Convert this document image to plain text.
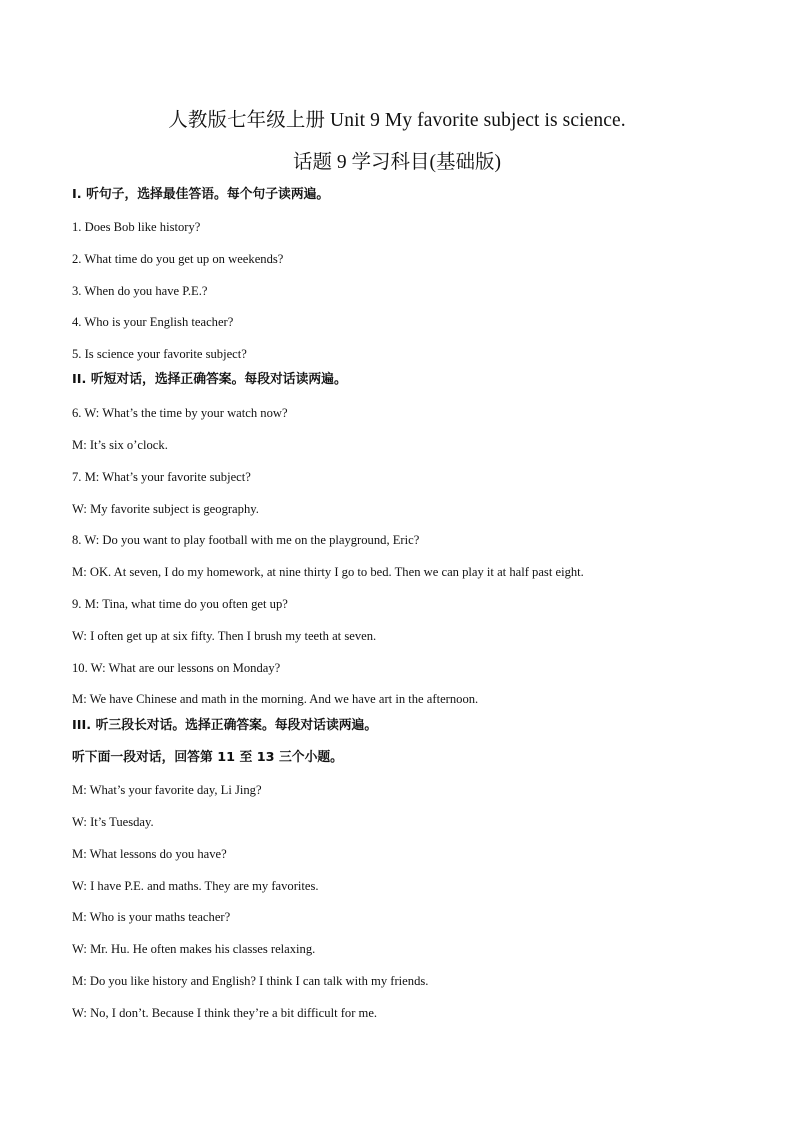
人教版七年级上册 Unit 9 My favorite subject is science.
话题 9 学习科目(基础版)
Ⅰ. 听句子，选择最佳答语。每个句子读两遍。
1. Does Bob like history?
2. What time do you get up on weekends?
3. When do you have P.E.?
4. Who is your English teacher?
5. Is science your favorite subject?
II. 听短对话，选择正确答案。每段对话读两遍。
6. W: What’s the time by your watch now?
M: It’s six o’clock.
7. M: What’s your favorite subject?
W: My favorite subject is geography.
8. W: Do you want to play football with me on the playground, Eric?
M: OK. At seven, I do my homework, at nine thirty I go to bed. Then we can play it at half past eight.
9. M: Tina, what time do you often get up?
W: I often get up at six fifty. Then I brush my teeth at seven.
10. W: What are our lessons on Monday?
M: We have Chinese and math in the morning. And we have art in the afternoon.
III. 听三段长对话。选择正确答案。每段对话读两遍。
听下面一段对话，回答第 11 至 13 三个小题。
M: What’s your favorite day, Li Jing?
W: It’s Tuesday.
M: What lessons do you have?
W: I have P.E. and maths. They are my favorites.
M: Who is your maths teacher?
W: Mr. Hu. He often makes his classes relaxing.
M: Do you like history and English? I think I can talk with my friends.
W: No, I don’t. Because I think they’re a bit difficult for me.
